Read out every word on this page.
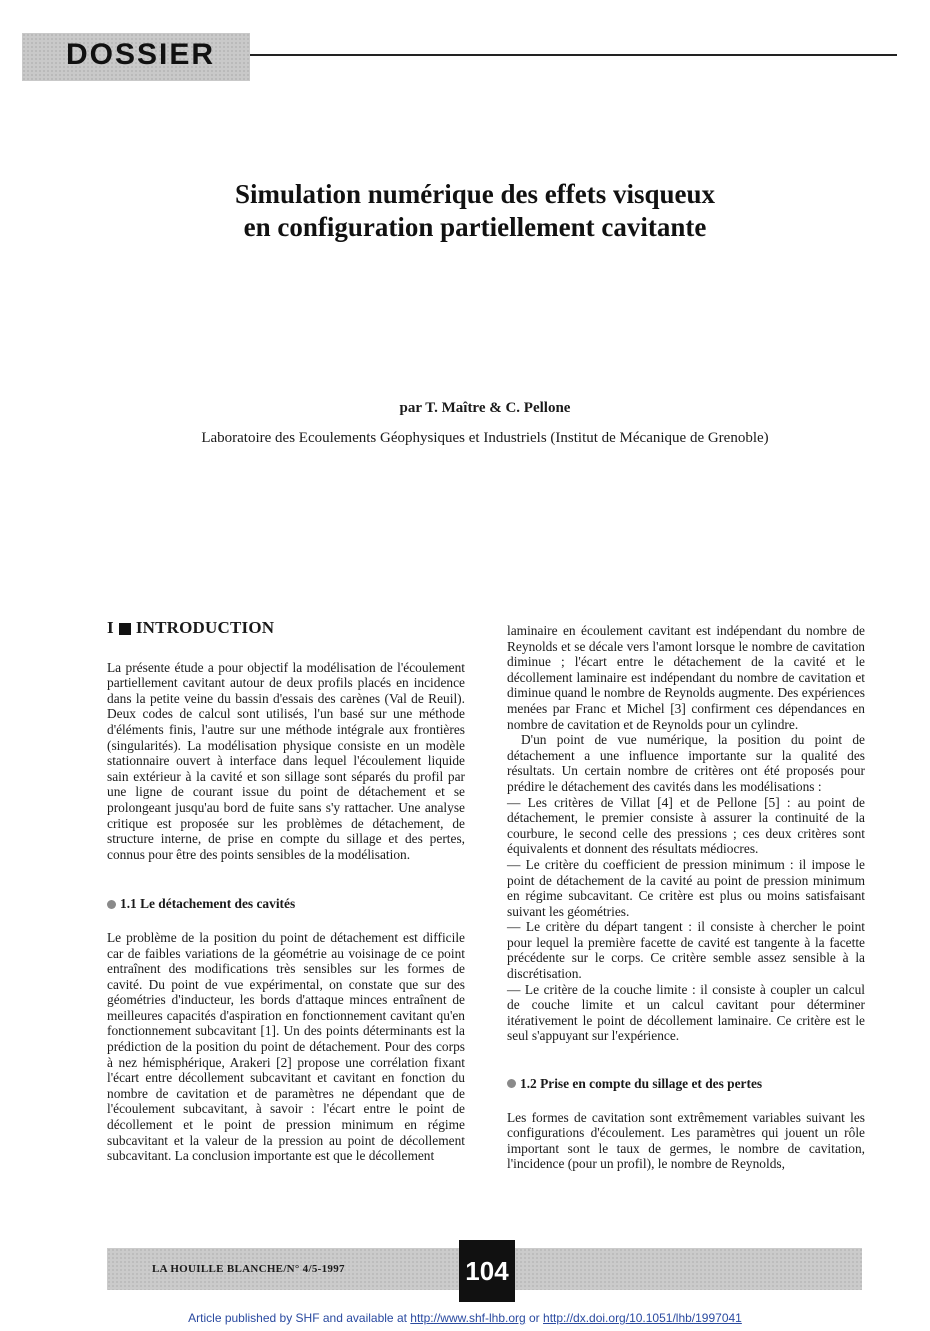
DOSSIER
Simulation numérique des effets visqueux
en configuration partiellement cavitante
par T. Maître & C. Pellone
Laboratoire des Ecoulements Géophysiques et Industriels (Institut de Mécanique de Grenoble)
I INTRODUCTION

La présente étude a pour objectif la modélisation de l'écoulement partiellement cavitant autour de deux profils placés en incidence dans la petite veine du bassin d'essais des carènes (Val de Reuil). Deux codes de calcul sont utilisés, l'un basé sur une méthode d'éléments finis, l'autre sur une méthode intégrale aux frontières (singularités). La modélisation physique consiste en un modèle stationnaire ouvert à interface dans lequel l'écoulement liquide sain extérieur à la cavité et son sillage sont séparés du profil par une ligne de courant issue du point de détachement et se prolongeant jusqu'au bord de fuite sans s'y rattacher. Une analyse critique est proposée sur les problèmes de détachement, de structure interne, de prise en compte du sillage et des pertes, connus pour être des points sensibles de la modélisation.

1.1 Le détachement des cavités

Le problème de la position du point de détachement est difficile car de faibles variations de la géométrie au voisinage de ce point entraînent des modifications très sensibles sur les formes de cavité. Du point de vue expérimental, on constate que sur des géométries d'inducteur, les bords d'attaque minces entraînent de meilleures capacités d'aspiration en fonctionnement cavitant qu'en fonctionnement subcavitant [1]. Un des points déterminants est la prédiction de la position du point de détachement. Pour des corps à nez hémisphérique, Arakeri [2] propose une corrélation fixant l'écart entre décollement subcavitant et cavitant en fonction du nombre de cavitation et de paramètres ne dépendant que de l'écoulement subcavitant, à savoir : l'écart entre le point de décollement et le point de pression minimum en régime subcavitant et la valeur de la pression au point de décollement subcavitant. La conclusion importante est que le décollement

laminaire en écoulement cavitant est indépendant du nombre de Reynolds et se décale vers l'amont lorsque le nombre de cavitation diminue ; l'écart entre le détachement de la cavité et le décollement laminaire est indépendant du nombre de cavitation et diminue quand le nombre de Reynolds augmente. Des expériences menées par Franc et Michel [3] confirment ces dépendances en nombre de cavitation et de Reynolds pour un cylindre.

D'un point de vue numérique, la position du point de détachement a une influence importante sur la qualité des résultats. Un certain nombre de critères ont été proposés pour prédire le détachement des cavités dans les modélisations :

— Les critères de Villat [4] et de Pellone [5] : au point de détachement, le premier consiste à assurer la continuité de la courbure, le second celle des pressions ; ces deux critères sont équivalents et donnent des résultats médiocres.

— Le critère du coefficient de pression minimum : il impose le point de détachement de la cavité au point de pression minimum en régime subcavitant. Ce critère est plus ou moins satisfaisant suivant les géométries.

— Le critère du départ tangent : il consiste à chercher le point pour lequel la première facette de cavité est tangente à la facette précédente sur le corps. Ce critère semble assez sensible à la discrétisation.

— Le critère de la couche limite : il consiste à coupler un calcul de couche limite et un calcul cavitant pour déterminer itérativement le point de décollement laminaire. Ce critère est le seul s'appuyant sur l'expérience.

1.2 Prise en compte du sillage et des pertes

Les formes de cavitation sont extrêmement variables suivant les configurations d'écoulement. Les paramètres qui jouent un rôle important sont le taux de germes, le nombre de cavitation, l'incidence (pour un profil), le nombre de Reynolds,

LA HOUILLE BLANCHE/N° 4/5-1997	104
Article published by SHF and available at http://www.shf-lhb.org or http://dx.doi.org/10.1051/lhb/1997041
